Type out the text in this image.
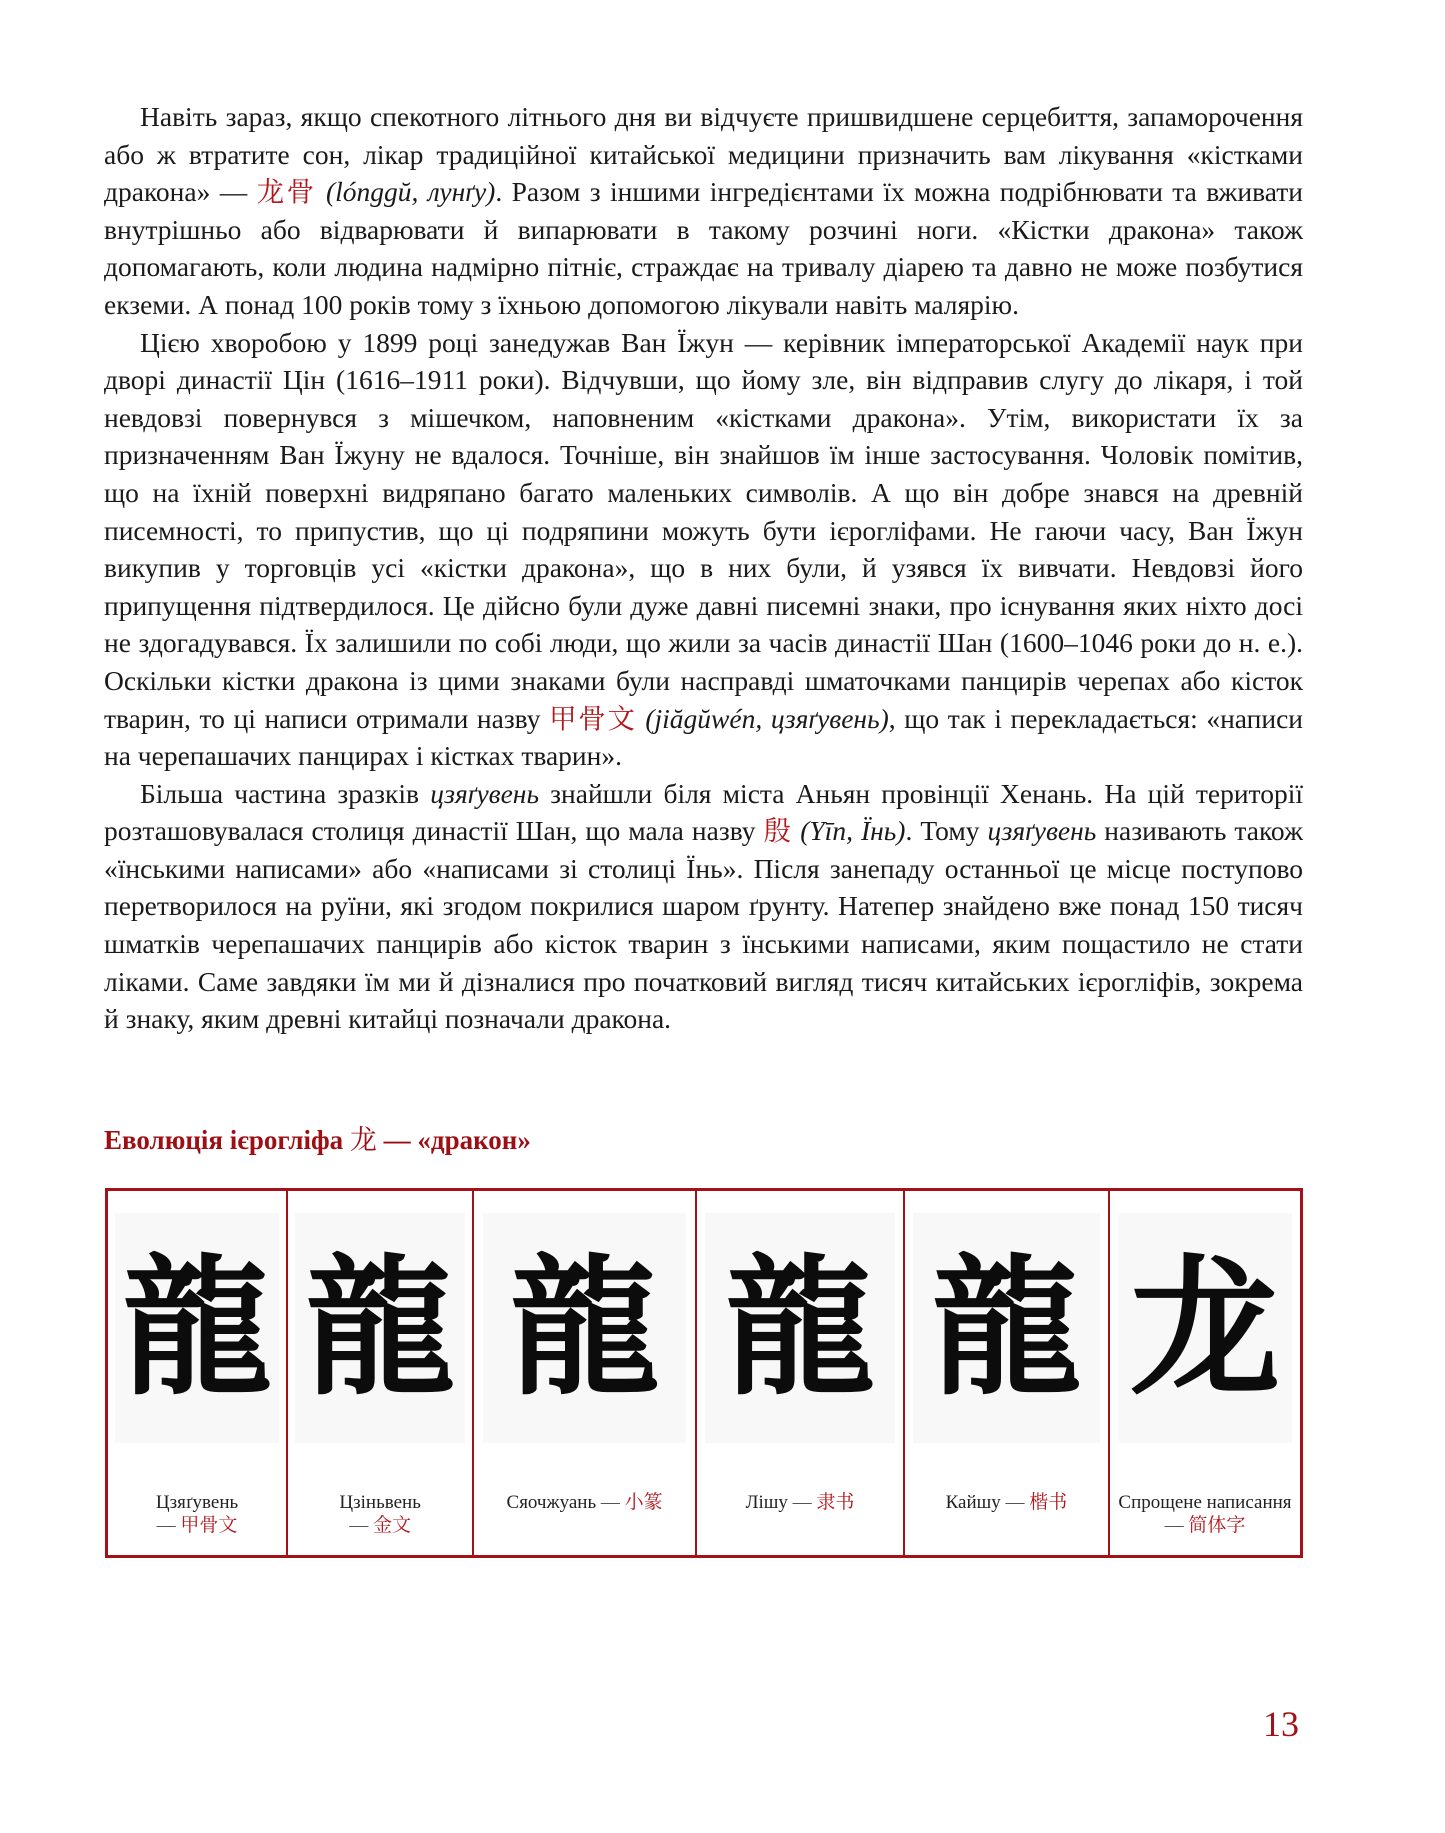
Навіть зараз, якщо спекотного літнього дня ви відчуєте пришвидшене серцебиття, запаморочення або ж втратите сон, лікар традиційної китайської медицини призначить вам лікування «кістками дракона» — 龙骨 (lónggŭ, лунґу). Разом з іншими інгредієнтами їх можна подрібнювати та вживати внутрішньо або відварювати й випарювати в такому розчині ноги. «Кістки дракона» також допомагають, коли людина надмірно пітніє, страждає на тривалу діарею та давно не може позбутися екземи. А понад 100 років тому з їхньою допомогою лікували навіть малярію.

Цією хворобою у 1899 році занедужав Ван Їжун — керівник імператорської Академії наук при дворі династії Цін (1616–1911 роки). Відчувши, що йому зле, він відправив слугу до лікаря, і той невдовзі повернувся з мішечком, наповненим «кістками дракона». Утім, використати їх за призначенням Ван Їжуну не вдалося. Точніше, він знайшов їм інше застосування. Чоловік помітив, що на їхній поверхні видряпано багато маленьких символів. А що він добре знався на древній писемності, то припустив, що ці подряпини можуть бути ієрогліфами. Не гаючи часу, Ван Їжун викупив у торговців усі «кістки дракона», що в них були, й узявся їх вивчати. Невдовзі його припущення підтвердилося. Це дійсно були дуже давні писемні знаки, про існування яких ніхто досі не здогадувався. Їх залишили по собі люди, що жили за часів династії Шан (1600–1046 роки до н. е.). Оскільки кістки дракона із цими знаками були насправді шматочками панцирів черепах або кісток тварин, то ці написи отримали назву 甲骨文 (jiăgŭwén, цзяґувень), що так і перекладається: «написи на черепашачих панцирах і кістках тварин».

Більша частина зразків цзяґувень знайшли біля міста Аньян провінції Хенань. На цій території розташовувалася столиця династії Шан, що мала назву 殷 (Yīn, Їнь). Тому цзяґувень називають також «їнськими написами» або «написами зі столиці Їнь». Після занепаду останньої це місце поступово перетворилося на руїни, які згодом покрилися шаром ґрунту. Натепер знайдено вже понад 150 тисяч шматків черепашачих панцирів або кісток тварин з їнськими написами, яким пощастило не стати ліками. Саме завдяки їм ми й дізналися про початковий вигляд тисяч китайських ієрогліфів, зокрема й знаку, яким древні китайці позначали дракона.

Еволюція ієрогліфа 龙 — «дракон»
龍
Цзяґувень
— 甲骨文
龍
Цзіньвень
— 金文
龍
Сяочжуань — 小篆
龍
Лішу — 隶书
龍
Кайшу — 楷书
龙
Спрощене написання
— 简体字
13
